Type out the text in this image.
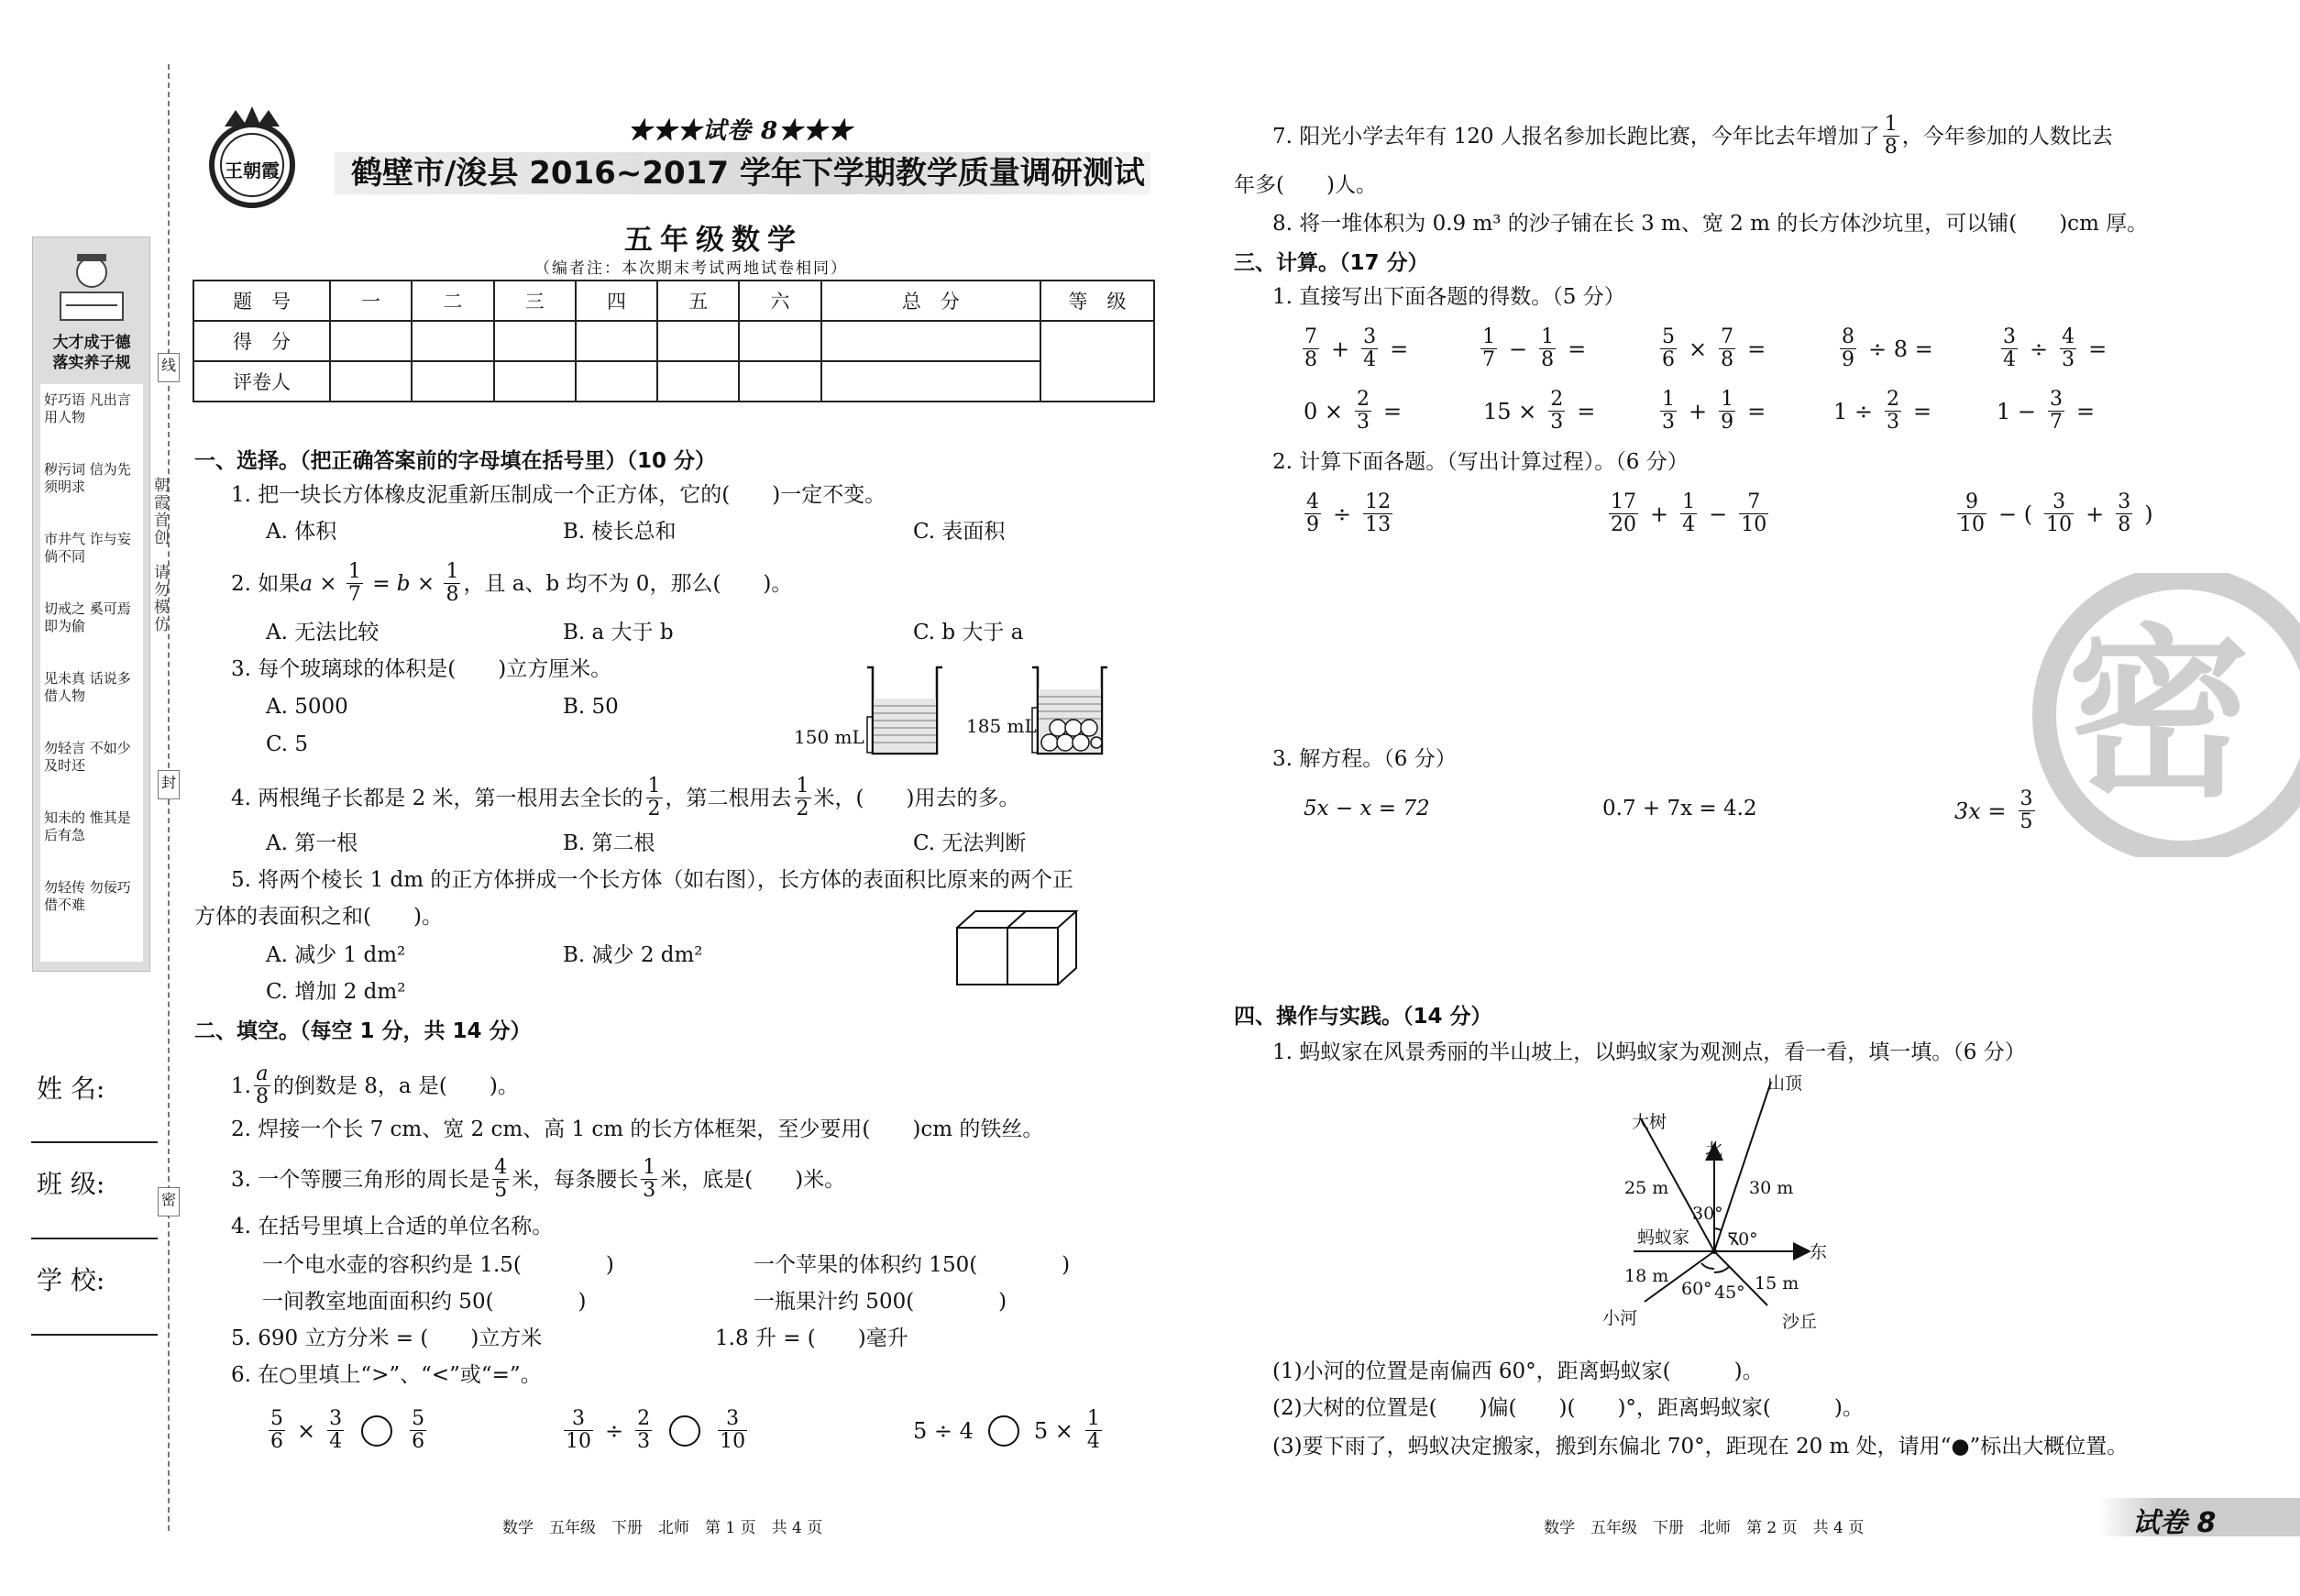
线
封
密
朝霞首创　请勿模仿
大才成于德　落实养子规
好巧语 凡出言 用人物
秽污词 信为先 须明求
市井气 诈与妄 倘不同
切戒之 奚可焉 即为偷
见未真 话说多 借人物
勿轻言 不如少 及时还
知未的 惟其是 后有急
勿轻传 勿佞巧 借不难
姓 名:
班 级:
学 校:
王朝霞
★★★试卷 8★★★
鹤壁市/浚县 2016~2017 学年下学期教学质量调研测试
五年级数学
（编者注：本次期末考试两地试卷相同）
题　号	一	二	三	四	五	六	总　分	等　级
得　分								
评卷人								
一、选择。（把正确答案前的字母填在括号里）（10 分）
1. 把一块长方体橡皮泥重新压制成一个正方体，它的(　　)一定不变。
A. 体积	B. 棱长总和	C. 表面积
2. 如果 $a \times \frac{1}{7} = b \times \frac{1}{8}$ ，且 a、b 均不为 0，那么(　　)。
A. 无法比较	B. a 大于 b	C. b 大于 a
3. 每个玻璃球的体积是(　　)立方厘米。
A. 5000	B. 50
C. 5	150 mL	185 mL
4. 两根绳子长都是 2 米，第一根用去全长的 $\frac{1}{2}$ ，第二根用去 $\frac{1}{2}$ 米，(　　)用去的多。
A. 第一根	B. 第二根	C. 无法判断
5. 将两个棱长 1 dm 的正方体拼成一个长方体（如右图），长方体的表面积比原来的两个正
方体的表面积之和(　　)。
A. 减少 1 dm²	B. 减少 2 dm²
C. 增加 2 dm²
二、填空。（每空 1 分，共 14 分）
1. $\frac{a}{8}$ 的倒数是 8，a 是(　　)。
2. 焊接一个长 7 cm、宽 2 cm、高 1 cm 的长方体框架，至少要用(　　)cm 的铁丝。
3. 一个等腰三角形的周长是 $\frac{4}{5}$ 米，每条腰长 $\frac{1}{3}$ 米，底是(　　)米。
4. 在括号里填上合适的单位名称。
一个电水壶的容积约是 1.5(　　　　)	一个苹果的体积约 150(　　　　)
一间教室地面面积约 50(　　　　)	一瓶果汁约 500(　　　　)
5. 690 立方分米 = (　　)立方米	1.8 升 = (　　)毫升
6. 在○里填上“>”、“<”或“=”。
$\frac{5}{6} \times \frac{3}{4}$	$\frac{5}{6}$	$\frac{3}{10} \div \frac{2}{3}$	$\frac{3}{10}$	5 ÷ 4	$5 \times \frac{1}{4}$
数学　五年级　下册　北师　第 1 页　共 4 页
7. 阳光小学去年有 120 人报名参加长跑比赛，今年比去年增加了 $\frac{1}{8}$ ，今年参加的人数比去
年多(　　)人。
8. 将一堆体积为 0.9 m³ 的沙子铺在长 3 m、宽 2 m 的长方体沙坑里，可以铺(　　)cm 厚。
三、计算。（17 分）
1. 直接写出下面各题的得数。（5 分）
$\frac{7}{8} + \frac{3}{4}$ =	$\frac{1}{7} - \frac{1}{8}$ =	$\frac{5}{6} \times \frac{7}{8}$ =	$\frac{8}{9} \div 8$ =	$\frac{3}{4} \div \frac{4}{3}$ =
$0 \times \frac{2}{3}$ =	$15 \times \frac{2}{3}$ =	$\frac{1}{3} + \frac{1}{9}$ =	$1 \div \frac{2}{3}$ =	$1 - \frac{3}{7}$ =
2. 计算下面各题。（写出计算过程）。（6 分）
$\frac{4}{9} \div \frac{12}{13}$	$\frac{17}{20} + \frac{1}{4} - \frac{7}{10}$	$\frac{9}{10}$ − ( $\frac{3}{10} + \frac{3}{8}$ )
3. 解方程。（6 分）
5x − x = 72	0.7 + 7x = 4.2	$3x = \frac{3}{5}$ 密
四、操作与实践。（14 分）
1. 蚂蚁家在风景秀丽的半山坡上，以蚂蚁家为观测点，看一看，填一填。（6 分）
山顶
大树
北
东
蚂蚁家
小河	沙丘
25 m	30 m
18 m	15 m
30°
70°
60° 45°
(1)小河的位置是南偏西 60°，距离蚂蚁家(　　　)。
(2)大树的位置是(　　)偏(　　)(　　)°，距离蚂蚁家(　　　)。
(3)要下雨了，蚂蚁决定搬家，搬到东偏北 70°，距现在 20 m 处，请用“●”标出大概位置。
数学　五年级　下册　北师　第 2 页　共 4 页	试卷 8
